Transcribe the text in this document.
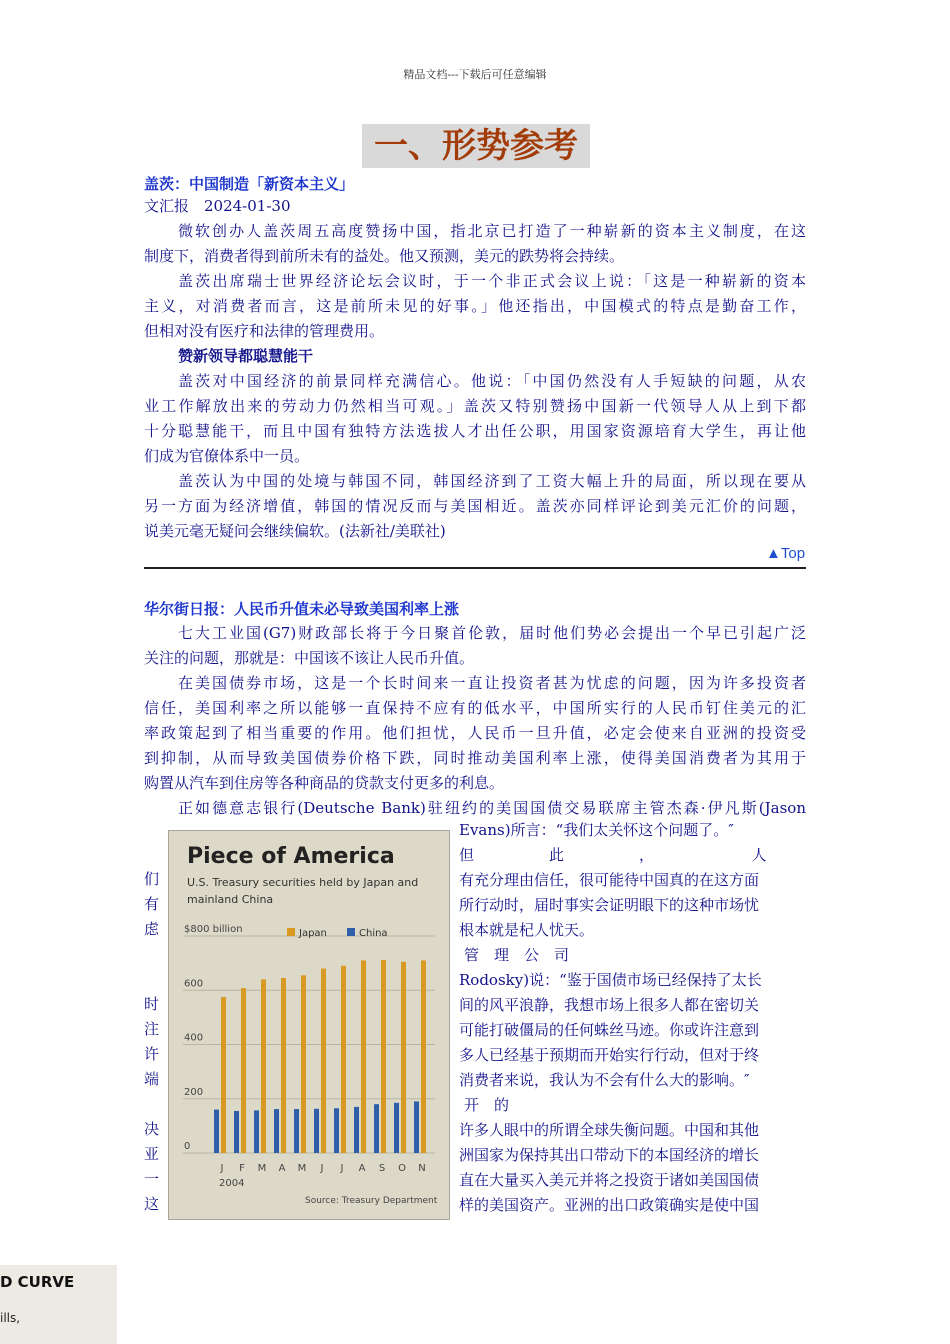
精品文档---下载后可任意编辑
一、形势参考
盖茨：中国制造「新资本主义」
文汇报　2024-01-30
微软创办人盖茨周五高度赞扬中国，指北京已打造了一种崭新的资本主义制度，在这
制度下，消费者得到前所未有的益处。他又预测，美元的跌势将会持续。
盖茨出席瑞士世界经济论坛会议时，于一个非正式会议上说：「这是一种崭新的资本
主义，对消费者而言，这是前所未见的好事。」他还指出，中国模式的特点是勤奋工作，
但相对没有医疗和法律的管理费用。
赞新领导都聪慧能干
盖茨对中国经济的前景同样充满信心。他说：「中国仍然没有人手短缺的问题，从农
业工作解放出来的劳动力仍然相当可观。」盖茨又特别赞扬中国新一代领导人从上到下都
十分聪慧能干，而且中国有独特方法选拔人才出任公职，用国家资源培育大学生，再让他
们成为官僚体系中一员。
盖茨认为中国的处境与韩国不同，韩国经济到了工资大幅上升的局面，所以现在要从
另一方面为经济增值，韩国的情况反而与美国相近。盖茨亦同样评论到美元汇价的问题，
说美元毫无疑问会继续偏软。(法新社/美联社)
▲Top
华尔街日报：人民币升值未必导致美国利率上涨
七大工业国(G7)财政部长将于今日聚首伦敦，届时他们势必会提出一个早已引起广泛
关注的问题，那就是：中国该不该让人民币升值。
在美国债券市场，这是一个长时间来一直让投资者甚为忧虑的问题，因为许多投资者
信任，美国利率之所以能够一直保持不应有的低水平，中国所实行的人民币钉住美元的汇
率政策起到了相当重要的作用。他们担忧，人民币一旦升值，必定会使来自亚洲的投资受
到抑制，从而导致美国债券价格下跌，同时推动美国利率上涨，使得美国消费者为其用于
购置从汽车到住房等各种商品的贷款支付更多的利息。
正如德意志银行(Deutsche Bank)驻纽约的美国国债交易联席主管杰森·伊凡斯(Jason
Evans)所言：“我们太关怀这个问题了。″
但　　　　　此　　　　　，　　　　　　　人
有充分理由信任，很可能待中国真的在这方面
所行动时，届时事实会证明眼下的这种市场忧
根本就是杞人忧天。
管　理　公　司
Rodosky)说：“鉴于国债市场已经保持了太长
间的风平浪静，我想市场上很多人都在密切关
可能打破僵局的任何蛛丝马迹。你或许注意到
多人已经基于预期而开始实行行动，但对于终
消费者来说，我认为不会有什么大的影响。″
开　的
许多人眼中的所谓全球失衡问题。中国和其他
洲国家为保持其出口带动下的本国经济的增长
直在大量买入美元并将之投资于诸如美国国债
样的美国资产。亚洲的出口政策确实是使中国
们
有
虑
时
注
许
端
决
亚
一
这
Piece of America
U.S. Treasury securities held by Japan and
mainland China
0
200
400
600
$800 billion	Japan	China
J F M A M J J A S O N
2004
Source: Treasury Department
D CURVE
ills,
